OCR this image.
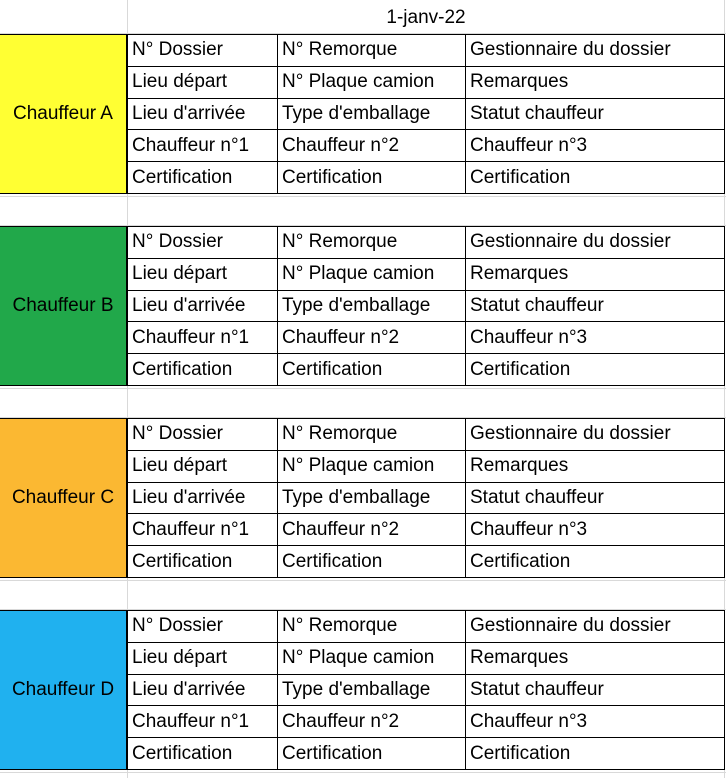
1-janv-22
Chauffeur A
N° Dossier	N° Remorque	Gestionnaire du dossier
Lieu départ	N° Plaque camion	Remarques
Lieu d'arrivée	Type d'emballage	Statut chauffeur
Chauffeur n°1	Chauffeur n°2	Chauffeur n°3
Certification	Certification	Certification
Chauffeur B
N° Dossier	N° Remorque	Gestionnaire du dossier
Lieu départ	N° Plaque camion	Remarques
Lieu d'arrivée	Type d'emballage	Statut chauffeur
Chauffeur n°1	Chauffeur n°2	Chauffeur n°3
Certification	Certification	Certification
Chauffeur C
N° Dossier	N° Remorque	Gestionnaire du dossier
Lieu départ	N° Plaque camion	Remarques
Lieu d'arrivée	Type d'emballage	Statut chauffeur
Chauffeur n°1	Chauffeur n°2	Chauffeur n°3
Certification	Certification	Certification
Chauffeur D
N° Dossier	N° Remorque	Gestionnaire du dossier
Lieu départ	N° Plaque camion	Remarques
Lieu d'arrivée	Type d'emballage	Statut chauffeur
Chauffeur n°1	Chauffeur n°2	Chauffeur n°3
Certification	Certification	Certification
